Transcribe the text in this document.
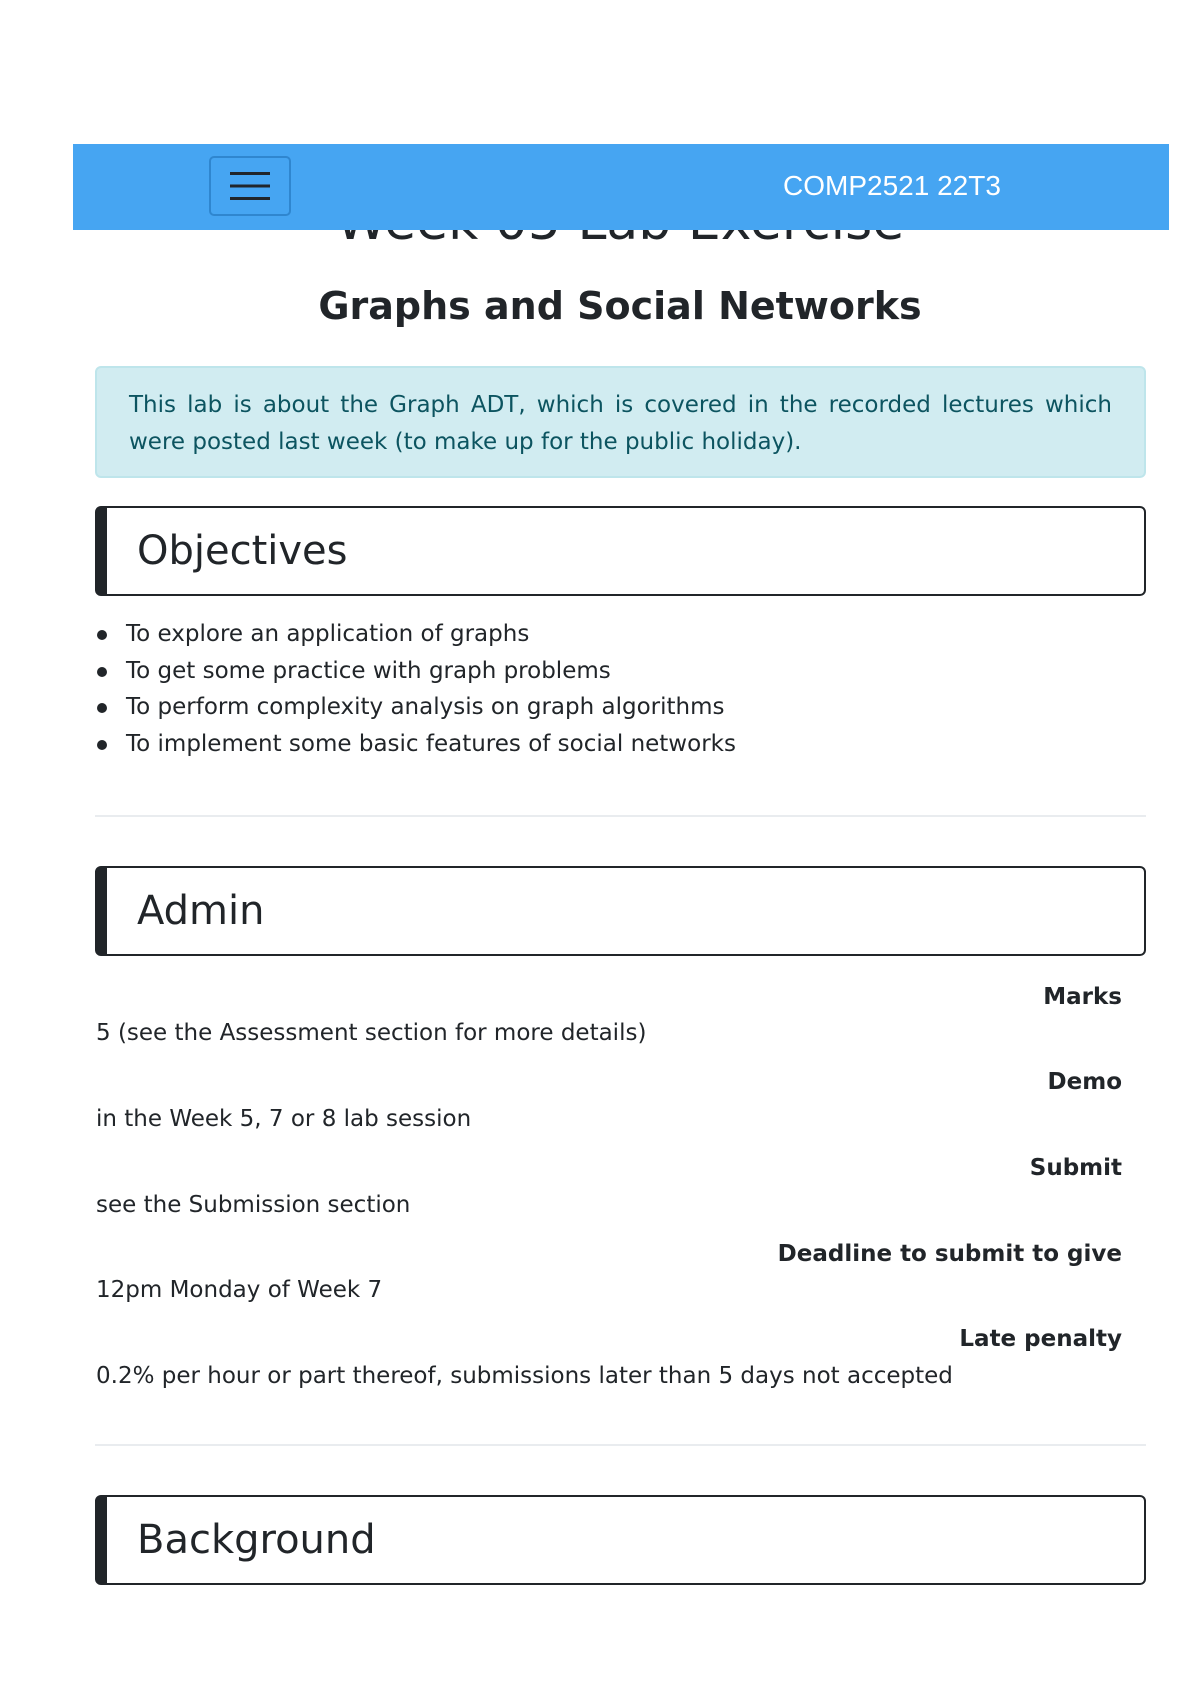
COMP2521 22T3
Graphs and Social Networks
This lab is about the Graph ADT, which is covered in the recorded lectures which were posted last week (to make up for the public holiday).
Objectives
To explore an application of graphs
To get some practice with graph problems
To perform complexity analysis on graph algorithms
To implement some basic features of social networks
Admin
Marks
5 (see the Assessment section for more details)
Demo
in the Week 5, 7 or 8 lab session
Submit
see the Submission section
Deadline to submit to give
12pm Monday of Week 7
Late penalty
0.2% per hour or part thereof, submissions later than 5 days not accepted
Background
